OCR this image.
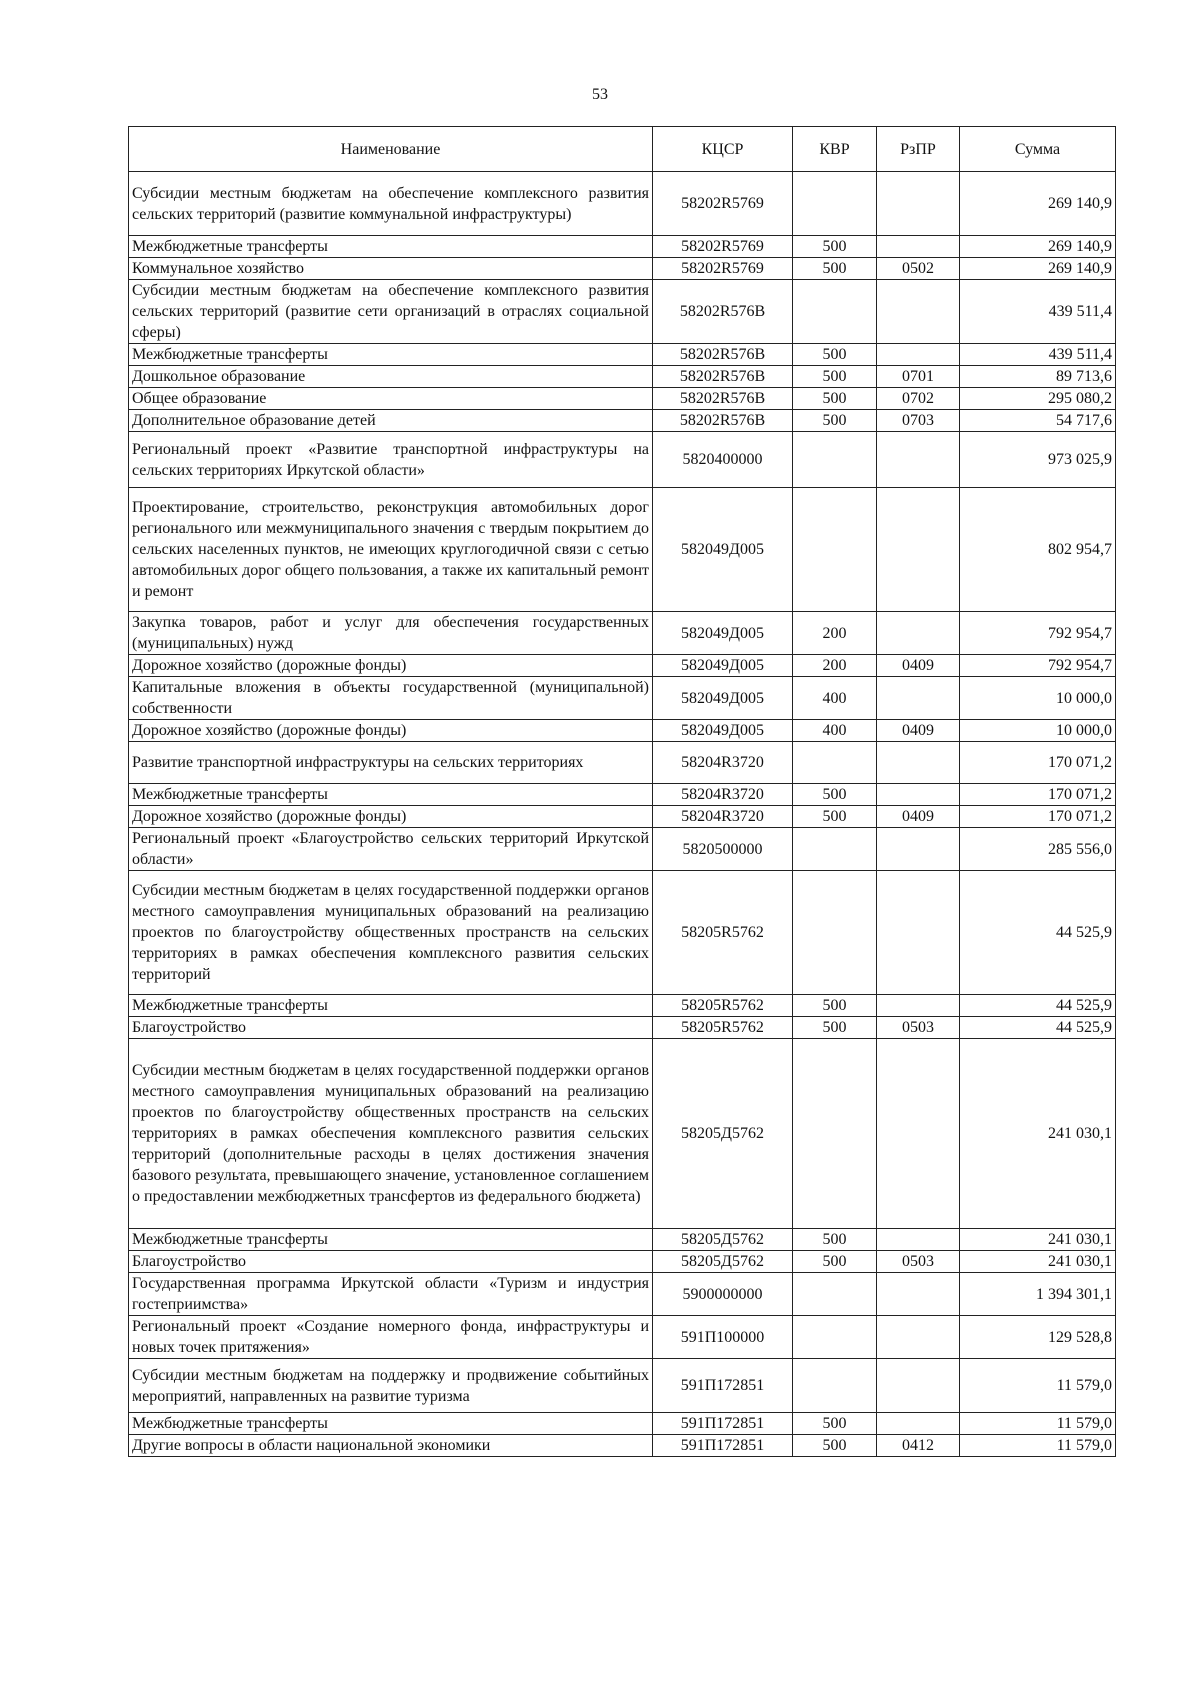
53
Наименование	КЦСР	КВР	РзПР	Сумма
Субсидии местным бюджетам на обеспечение комплексного развития сельских территорий (развитие коммунальной инфраструктуры)	58202R5769			269 140,9
Межбюджетные трансферты	58202R5769	500		269 140,9
Коммунальное хозяйство	58202R5769	500	0502	269 140,9
Субсидии местным бюджетам на обеспечение комплексного развития сельских территорий (развитие сети организаций в отраслях социальной сферы)	58202R576B			439 511,4
Межбюджетные трансферты	58202R576B	500		439 511,4
Дошкольное образование	58202R576B	500	0701	89 713,6
Общее образование	58202R576B	500	0702	295 080,2
Дополнительное образование детей	58202R576B	500	0703	54 717,6
Региональный проект «Развитие транспортной инфраструктуры на сельских территориях Иркутской области»	5820400000			973 025,9
Проектирование, строительство, реконструкция автомобильных дорог регионального или межмуниципального значения с твердым покрытием до сельских населенных пунктов, не имеющих круглогодичной связи с сетью автомобильных дорог общего пользования, а также их капитальный ремонт и ремонт	582049Д005			802 954,7
Закупка товаров, работ и услуг для обеспечения государственных (муниципальных) нужд	582049Д005	200		792 954,7
Дорожное хозяйство (дорожные фонды)	582049Д005	200	0409	792 954,7
Капитальные вложения в объекты государственной (муниципальной) собственности	582049Д005	400		10 000,0
Дорожное хозяйство (дорожные фонды)	582049Д005	400	0409	10 000,0
Развитие транспортной инфраструктуры на сельских территориях	58204R3720			170 071,2
Межбюджетные трансферты	58204R3720	500		170 071,2
Дорожное хозяйство (дорожные фонды)	58204R3720	500	0409	170 071,2
Региональный проект «Благоустройство сельских территорий Иркутской области»	5820500000			285 556,0
Субсидии местным бюджетам в целях государственной поддержки органов местного самоуправления муниципальных образований на реализацию проектов по благоустройству общественных пространств на сельских территориях в рамках обеспечения комплексного развития сельских территорий	58205R5762			44 525,9
Межбюджетные трансферты	58205R5762	500		44 525,9
Благоустройство	58205R5762	500	0503	44 525,9
Субсидии местным бюджетам в целях государственной поддержки органов местного самоуправления муниципальных образований на реализацию проектов по благоустройству общественных пространств на сельских территориях в рамках обеспечения комплексного развития сельских территорий (дополнительные расходы в целях достижения значения базового результата, превышающего значение, установленное соглашением о предоставлении межбюджетных трансфертов из федерального бюджета)	58205Д5762			241 030,1
Межбюджетные трансферты	58205Д5762	500		241 030,1
Благоустройство	58205Д5762	500	0503	241 030,1
Государственная программа Иркутской области «Туризм и индустрия гостеприимства»	5900000000			1 394 301,1
Региональный проект «Создание номерного фонда, инфраструктуры и новых точек притяжения»	591П100000			129 528,8
Субсидии местным бюджетам на поддержку и продвижение событийных мероприятий, направленных на развитие туризма	591П172851			11 579,0
Межбюджетные трансферты	591П172851	500		11 579,0
Другие вопросы в области национальной экономики	591П172851	500	0412	11 579,0
